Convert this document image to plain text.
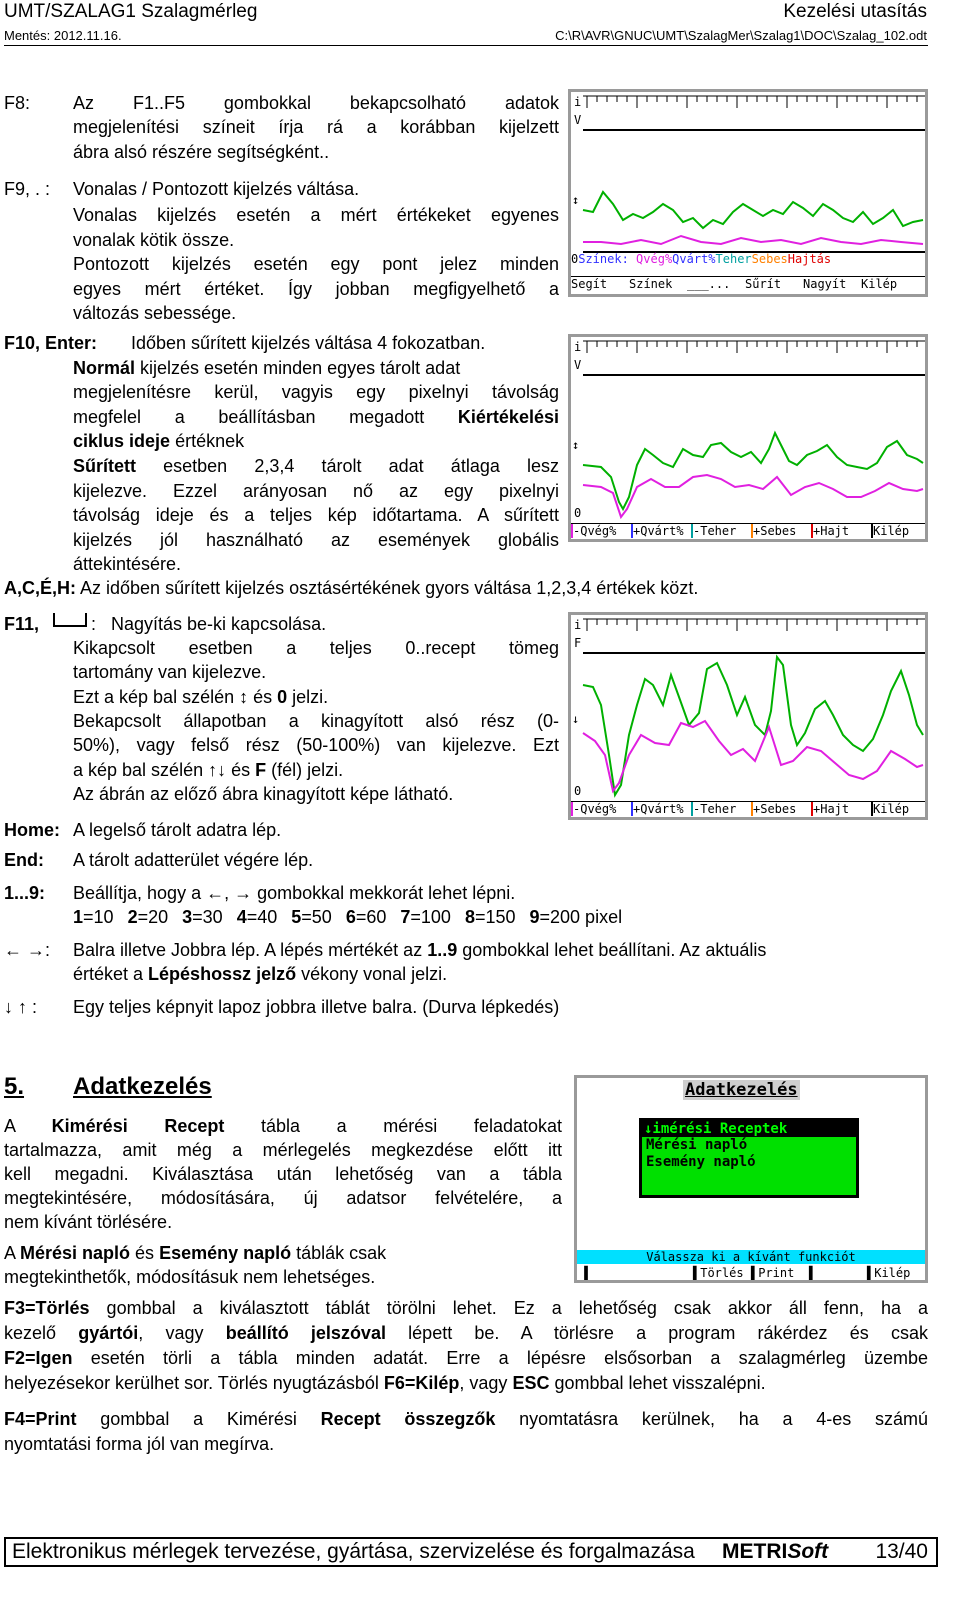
UMT/SZALAG1 Szalagmérleg	Kezelési utasítás
Mentés: 2012.11.16.	C:\R\AVR\GNUC\UMT\SzalagMer\Szalag1\DOC\Szalag_102.odt
F8: Az F1..F5 gombokkal bekapcsolható adatok
megjelenítési színeit írja rá a korábban kijelzett
ábra alsó részére segítségként..
F9, . : Vonalas / Pontozott kijelzés váltása.
Vonalas kijelzés esetén a mért értékeket egyenes
vonalak kötik össze.
Pontozott kijelzés esetén egy pont jelez minden
egyes mért értéket. Így jobban megfigyelhető a
változás sebessége.
F10, Enter: Időben sűrített kijelzés váltása 4 fokozatban.
Normál kijelzés esetén minden egyes tárolt adat
megjelenítésre kerül, vagyis egy pixelnyi távolság
megfelel a beállításban megadott Kiértékelési
ciklus ideje értéknek
Sűrített esetben 2,3,4 tárolt adat átlaga lesz
kijelezve. Ezzel arányosan nő az egy pixelnyi
távolság ideje és a teljes kép időtartama. A sűrített
kijelzés jól használható az események globális
áttekintésére.
A,C,É,H: Az időben sűrített kijelzés osztásértékének gyors váltása 1,2,3,4 értékek közt.
F11,	: Nagyítás be-ki kapcsolása.
Kikapcsolt esetben a teljes 0..recept tömeg
tartomány van kijelezve.
Ezt a kép bal szélén ↕ és 0 jelzi.
Bekapcsolt állapotban a kinagyított alsó rész (0-
50%), vagy felső rész (50-100%) van kijelezve. Ezt
a kép bal szélén ↑↓ és F (fél) jelzi.
Az ábrán az előző ábra kinagyított képe látható.
Home: A legelső tárolt adatra lép.
End: A tárolt adatterület végére lép.
1...9: Beállítja, hogy a ←, → gombokkal mekkorát lehet lépni.
1=10 2=20 3=30 4=40 5=50 6=60 7=100 8=150 9=200 pixel
← →: Balra illetve Jobbra lép. A lépés mértékét az 1..9 gombokkal lehet beállítani. Az aktuális
értéket a Lépéshossz jelző vékony vonal jelzi.
↓ ↑ : Egy teljes képnyit lapoz jobbra illetve balra. (Durva lépkedés)
5. Adatkezelés
A Kimérési Recept tábla a mérési feladatokat
tartalmazza, amit még a mérlegelés megkezdése előtt itt
kell megadni. Kiválasztása után lehetőség van a tábla
megtekintésére, módosítására, új adatsor felvételére, a
nem kívánt törlésére.
A Mérési napló és Esemény napló táblák csak
megtekinthetők, módosításuk nem lehetséges.
F3=Törlés gombbal a kiválasztott táblát törölni lehet. Ez a lehetőség csak akkor áll fenn, ha a
kezelő gyártói, vagy beállító jelszóval lépett be. A törlésre a program rákérdez és csak
F2=Igen esetén törli a tábla minden adatát. Erre a lépésre elsősorban a szalagmérleg üzembe
helyezésekor kerülhet sor. Törlés nyugtázásból F6=Kilép, vagy ESC gombbal lehet visszalépni.
F4=Print gombbal a Kimérési Recept összegzők nyomtatásra kerülnek, ha a 4-es számú
nyomtatási forma jól van megírva.
i
V
↕
0Színek: Qvég%Qvárt%TeherSebesHajtás
Segít Színek ___... Sűrít Nagyít Kilép
i
V
↕
0
-Qvég% +Qvárt% -Teher +Sebes +Hajt Kilép
i
F
↓
0
-Qvég% +Qvárt% -Teher +Sebes +Hajt Kilép
Adatkezelés
↓imérési Receptek
Mérési napló
Esemény napló
Válassza ki a kívánt funkciót
▌	▌Törlés ▌Print ▌	▌Kilép
Elektronikus mérlegek tervezése, gyártása, szervizelése és forgalmazása METRISoft 13/40
